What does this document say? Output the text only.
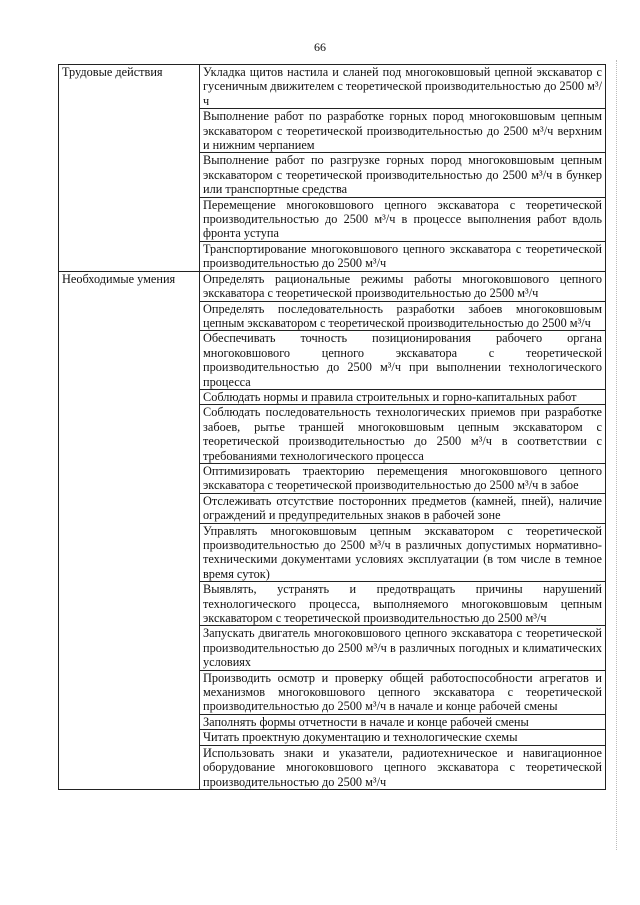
66
Трудовые действия	Укладка щитов настила и сланей под многоковшовый цепной экскаватор с гусеничным движителем с теоретической производительностью до 2500 м³/ч
	Выполнение работ по разработке горных пород многоковшовым цепным экскаватором с теоретической производительностью до 2500 м³/ч верхним и нижним черпанием
	Выполнение работ по разгрузке горных пород многоковшовым цепным экскаватором с теоретической производительностью до 2500 м³/ч в бункер или транспортные средства
	Перемещение многоковшового цепного экскаватора с теоретической производительностью до 2500 м³/ч в процессе выполнения работ вдоль фронта уступа
	Транспортирование многоковшового цепного экскаватора с теоретической производительностью до 2500 м³/ч
Необходимые умения	Определять рациональные режимы работы многоковшового цепного экскаватора с теоретической производительностью до 2500 м³/ч
	Определять последовательность разработки забоев многоковшовым цепным экскаватором с теоретической производительностью до 2500 м³/ч
	Обеспечивать точность позиционирования рабочего органа многоковшового цепного экскаватора с теоретической производительностью до 2500 м³/ч при выполнении технологического процесса
	Соблюдать нормы и правила строительных и горно-капитальных работ
	Соблюдать последовательность технологических приемов при разработке забоев, рытье траншей многоковшовым цепным экскаватором с теоретической производительностью до 2500 м³/ч в соответствии с требованиями технологического процесса
	Оптимизировать траекторию перемещения многоковшового цепного экскаватора с теоретической производительностью до 2500 м³/ч в забое
	Отслеживать отсутствие посторонних предметов (камней, пней), наличие ограждений и предупредительных знаков в рабочей зоне
	Управлять многоковшовым цепным экскаватором с теоретической производительностью до 2500 м³/ч в различных допустимых нормативно-техническими документами условиях эксплуатации (в том числе в темное время суток)
	Выявлять, устранять и предотвращать причины нарушений технологического процесса, выполняемого многоковшовым цепным экскаватором с теоретической производительностью до 2500 м³/ч
	Запускать двигатель многоковшового цепного экскаватора с теоретической производительностью до 2500 м³/ч в различных погодных и климатических условиях
	Производить осмотр и проверку общей работоспособности агрегатов и механизмов многоковшового цепного экскаватора с теоретической производительностью до 2500 м³/ч в начале и конце рабочей смены
	Заполнять формы отчетности в начале и конце рабочей смены
	Читать проектную документацию и технологические схемы
	Использовать знаки и указатели, радиотехническое и навигационное оборудование многоковшового цепного экскаватора с теоретической производительностью до 2500 м³/ч
